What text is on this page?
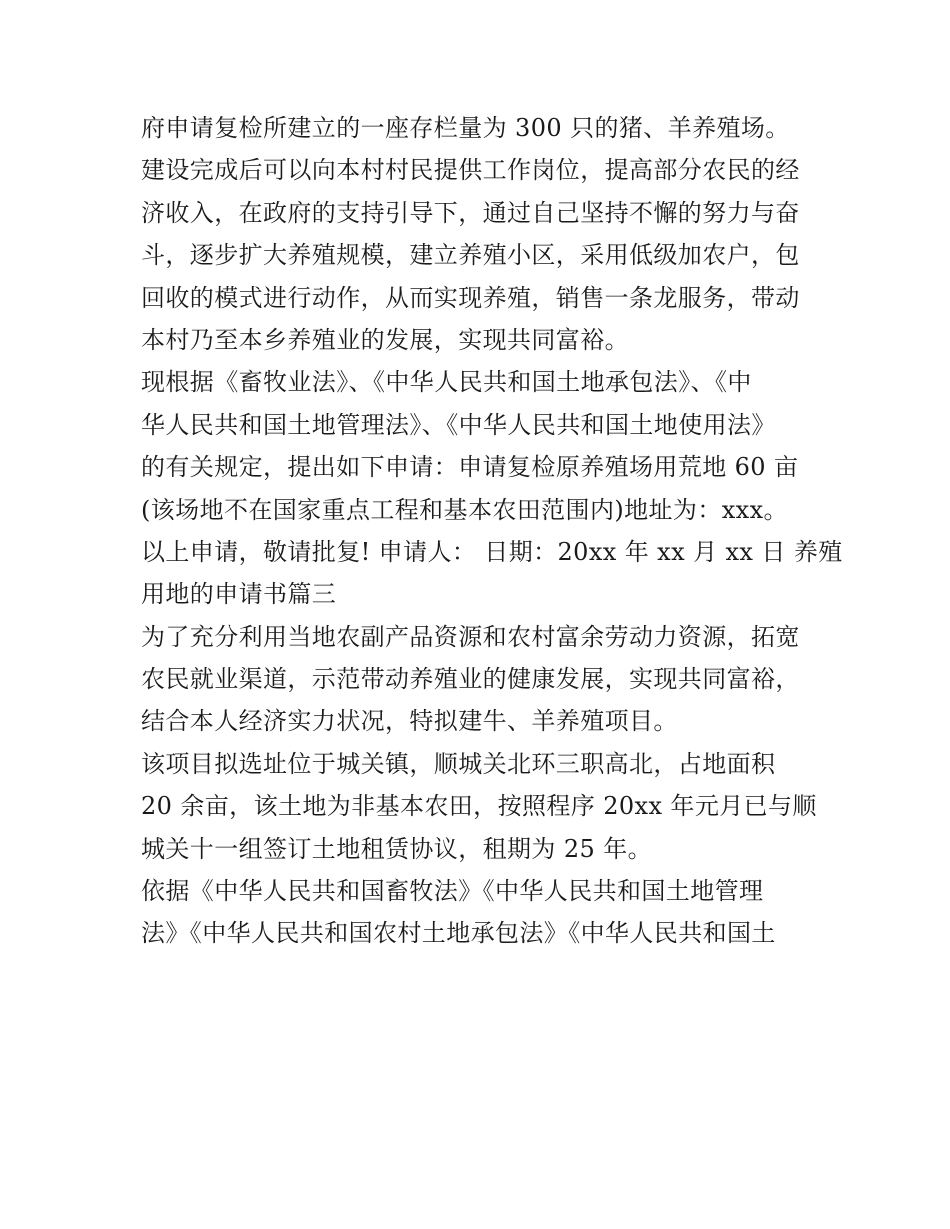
府申请复检所建立的一座存栏量为 300 只的猪、羊养殖场。
建设完成后可以向本村村民提供工作岗位，提高部分农民的经
济收入，在政府的支持引导下，通过自己坚持不懈的努力与奋
斗，逐步扩大养殖规模，建立养殖小区，采用低级加农户，包
回收的模式进行动作，从而实现养殖，销售一条龙服务，带动
本村乃至本乡养殖业的发展，实现共同富裕。
现根据《畜牧业法》、《中华人民共和国土地承包法》、《中
华人民共和国土地管理法》、《中华人民共和国土地使用法》
的有关规定，提出如下申请：申请复检原养殖场用荒地 60 亩
(该场地不在国家重点工程和基本农田范围内)地址为：xxx。
以上申请，敬请批复! 申请人： 日期：20xx 年 xx 月 xx 日 养殖
用地的申请书篇三
为了充分利用当地农副产品资源和农村富余劳动力资源，拓宽
农民就业渠道，示范带动养殖业的健康发展，实现共同富裕，
结合本人经济实力状况，特拟建牛、羊养殖项目。
该项目拟选址位于城关镇，顺城关北环三职高北，占地面积
20 余亩，该土地为非基本农田，按照程序 20xx 年元月已与顺
城关十一组签订土地租赁协议，租期为 25 年。
依据《中华人民共和国畜牧法》《中华人民共和国土地管理
法》《中华人民共和国农村土地承包法》《中华人民共和国土
